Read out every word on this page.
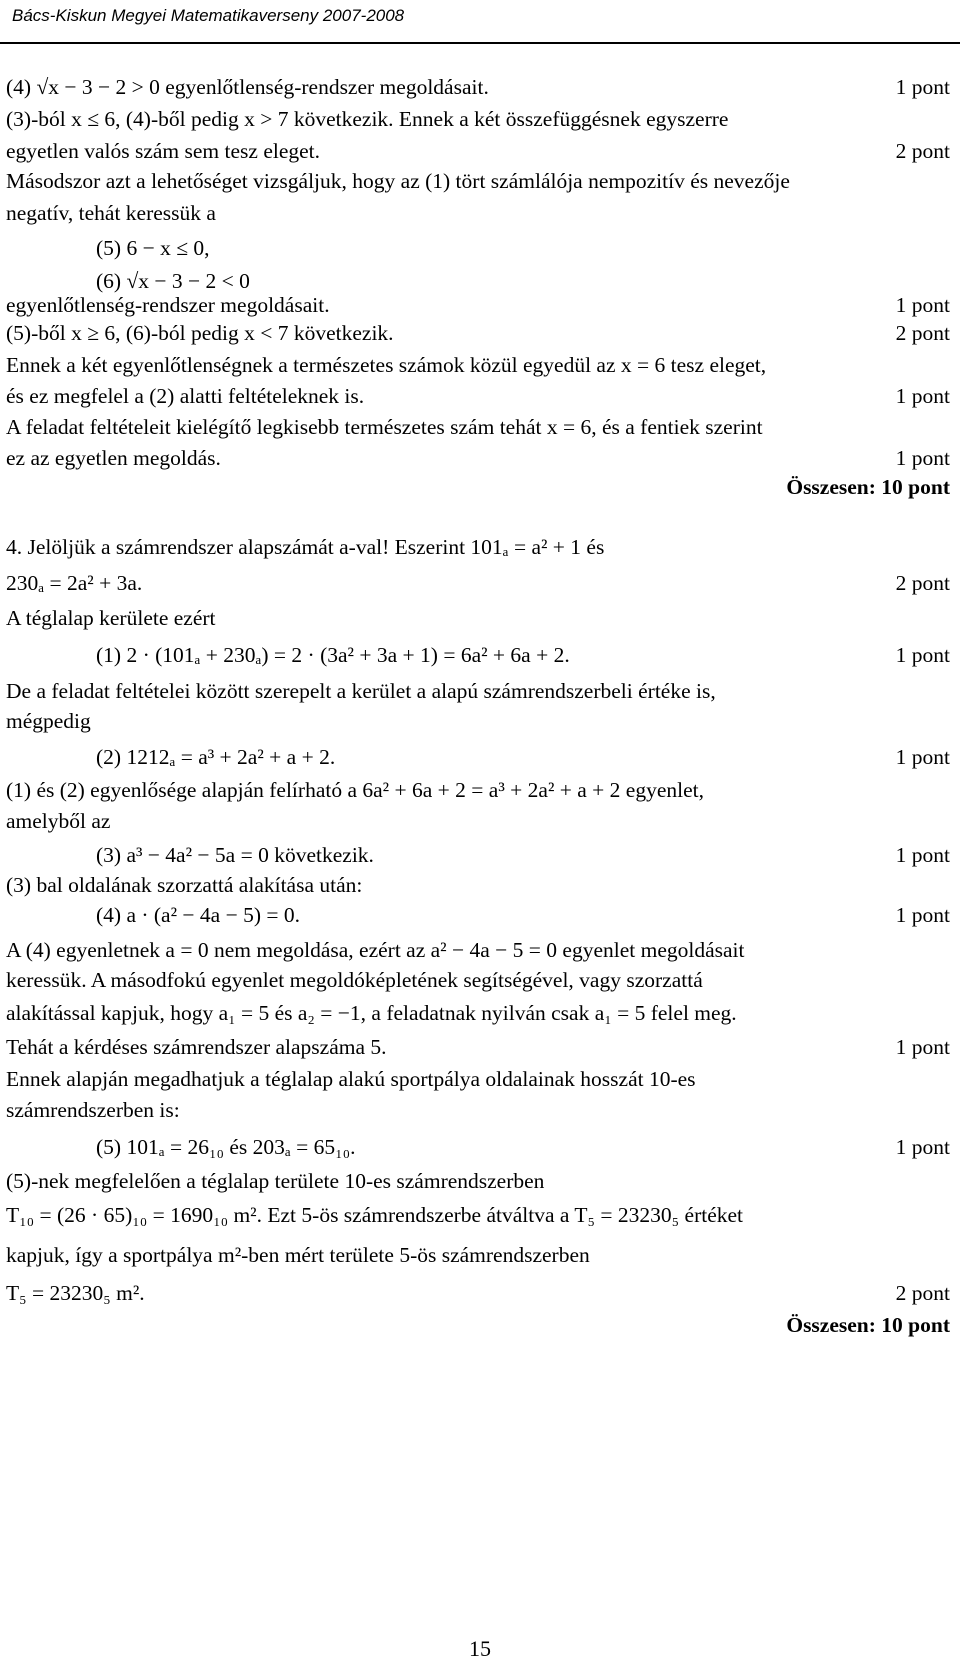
Bács-Kiskun Megyei Matematikaverseny 2007-2008
(4) √x − 3 − 2 > 0 egyenlőtlenség-rendszer megoldásait.	1 pont
(3)-ból x ≤ 6, (4)-ből pedig x > 7 következik. Ennek a két összefüggésnek egyszerre
egyetlen valós szám sem tesz eleget.	2 pont
Másodszor azt a lehetőséget vizsgáljuk, hogy az (1) tört számlálója nempozitív és nevezője
negatív, tehát keressük a
(5) 6 − x ≤ 0,
(6) √x − 3 − 2 < 0
egyenlőtlenség-rendszer megoldásait.	1 pont
(5)-ből x ≥ 6, (6)-ból pedig x < 7 következik.	2 pont
Ennek a két egyenlőtlenségnek a természetes számok közül egyedül az x = 6 tesz eleget,
és ez megfelel a (2) alatti feltételeknek is.	1 pont
A feladat feltételeit kielégítő legkisebb természetes szám tehát x = 6, és a fentiek szerint
ez az egyetlen megoldás.	1 pont
Összesen: 10 pont
4. Jelöljük a számrendszer alapszámát a-val! Eszerint 101ₐ = a² + 1 és
230ₐ = 2a² + 3a.	2 pont
A téglalap kerülete ezért
(1) 2 · (101ₐ + 230ₐ) = 2 · (3a² + 3a + 1) = 6a² + 6a + 2.	1 pont
De a feladat feltételei között szerepelt a kerület a alapú számrendszerbeli értéke is,
mégpedig
(2) 1212ₐ = a³ + 2a² + a + 2.	1 pont
(1) és (2) egyenlősége alapján felírható a 6a² + 6a + 2 = a³ + 2a² + a + 2 egyenlet,
amelyből az
(3) a³ − 4a² − 5a = 0 következik.	1 pont
(3) bal oldalának szorzattá alakítása után:
(4) a · (a² − 4a − 5) = 0.	1 pont
A (4) egyenletnek a = 0 nem megoldása, ezért az a² − 4a − 5 = 0 egyenlet megoldásait
keressük. A másodfokú egyenlet megoldóképletének segítségével, vagy szorzattá
alakítással kapjuk, hogy a₁ = 5 és a₂ = −1, a feladatnak nyilván csak a₁ = 5 felel meg.
Tehát a kérdéses számrendszer alapszáma 5.	1 pont
Ennek alapján megadhatjuk a téglalap alakú sportpálya oldalainak hosszát 10-es
számrendszerben is:
(5) 101ₐ = 26₁₀ és 203ₐ = 65₁₀.	1 pont
(5)-nek megfelelően a téglalap területe 10-es számrendszerben
T₁₀ = (26 · 65)₁₀ = 1690₁₀ m². Ezt 5-ös számrendszerbe átváltva a T₅ = 23230₅ értéket
kapjuk, így a sportpálya m²-ben mért területe 5-ös számrendszerben
T₅ = 23230₅ m².	2 pont
Összesen: 10 pont
15
